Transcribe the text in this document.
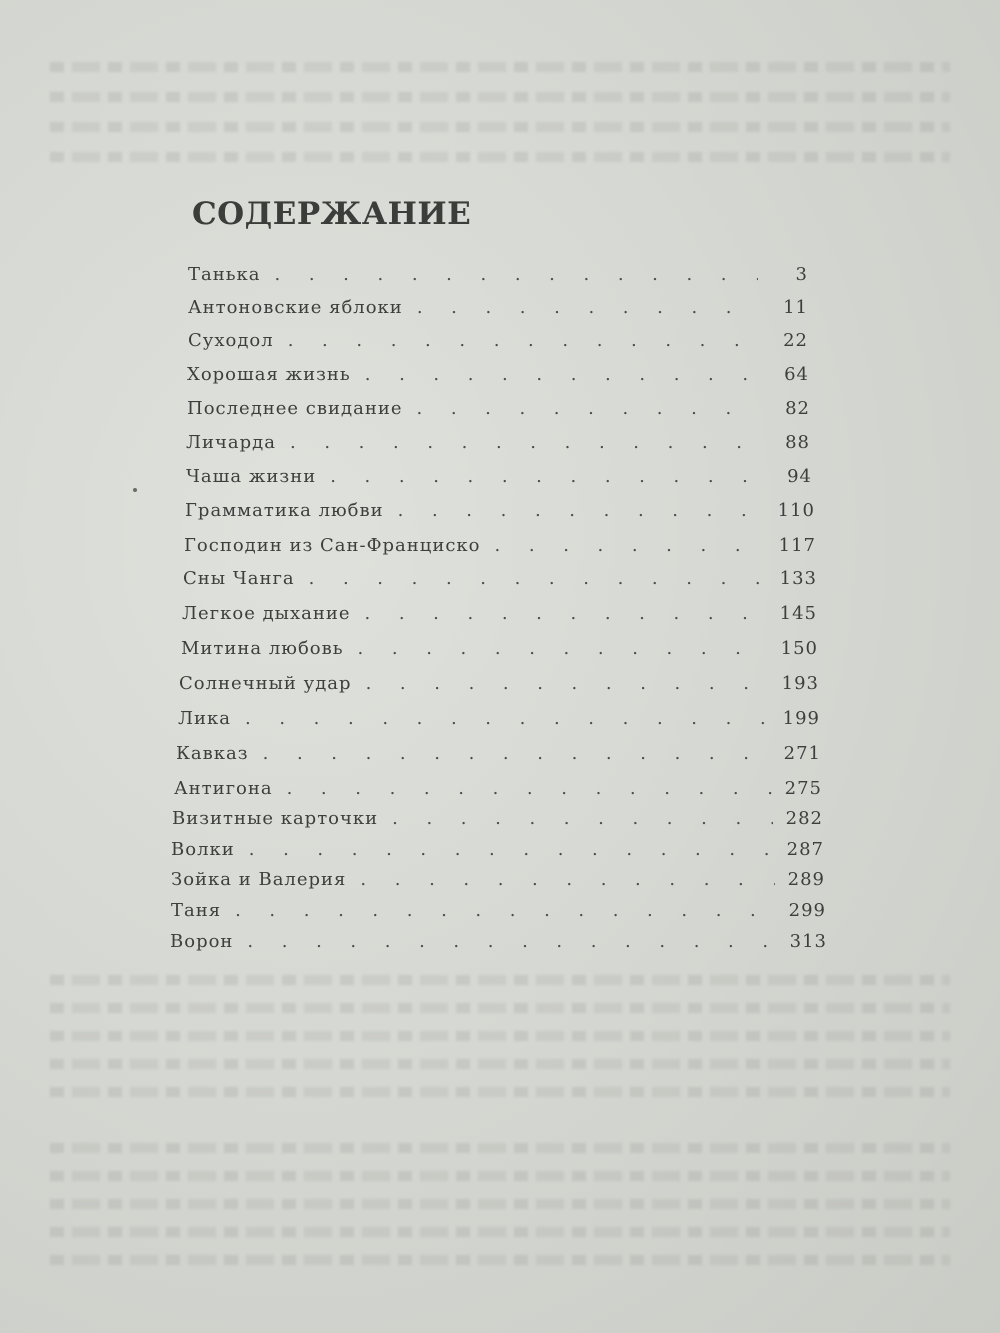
СОДЕРЖАНИЕ
Танька .	3
Антоновские яблоки .	11
Суходол .	22
Хорошая жизнь .	64
Последнее свидание .	82
Личарда .	88
Чаша жизни .	94
Грамматика любви .	110
Господин из Сан-Франциско .	117
Сны Чанга .	133
Легкое дыхание .	145
Митина любовь .	150
Солнечный удар .	193
Лика .	199
Кавказ .	271
Антигона .	275
Визитные карточки .	282
Волки .	287
Зойка и Валерия .	289
Таня .	299
Ворон .	313
